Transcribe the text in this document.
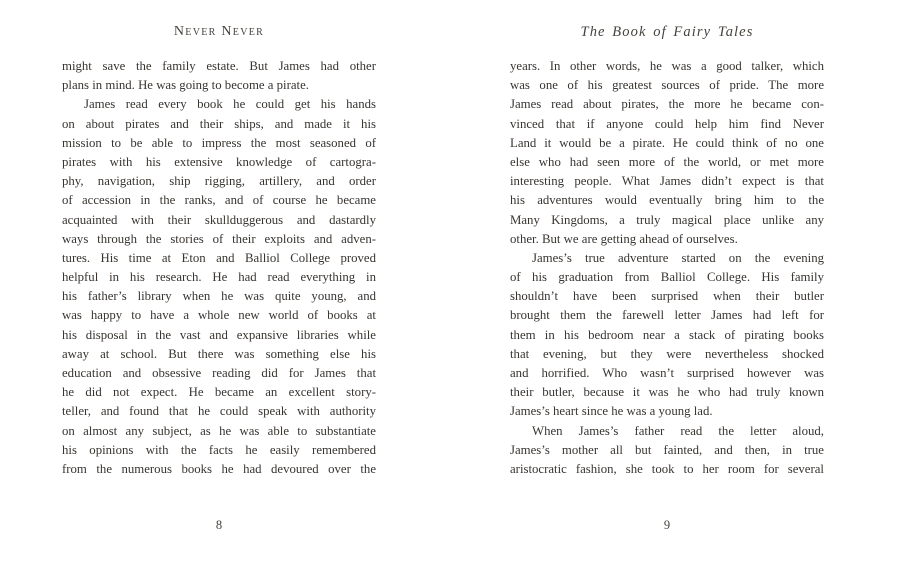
Never Never
might save the family estate. But James had other
plans in mind. He was going to become a pirate.
James read every book he could get his hands
on about pirates and their ships, and made it his
mission to be able to impress the most seasoned of
pirates with his extensive knowledge of cartogra-
phy, navigation, ship rigging, artillery, and order
of accession in the ranks, and of course he became
acquainted with their skullduggerous and dastardly
ways through the stories of their exploits and adven-
tures. His time at Eton and Balliol College proved
helpful in his research. He had read everything in
his father’s library when he was quite young, and
was happy to have a whole new world of books at
his disposal in the vast and expansive libraries while
away at school. But there was something else his
education and obsessive reading did for James that
he did not expect. He became an excellent story-
teller, and found that he could speak with authority
on almost any subject, as he was able to substantiate
his opinions with the facts he easily remembered
from the numerous books he had devoured over the
8
The Book of Fairy Tales
years. In other words, he was a good talker, which
was one of his greatest sources of pride. The more
James read about pirates, the more he became con-
vinced that if anyone could help him find Never
Land it would be a pirate. He could think of no one
else who had seen more of the world, or met more
interesting people. What James didn’t expect is that
his adventures would eventually bring him to the
Many Kingdoms, a truly magical place unlike any
other. But we are getting ahead of ourselves.
James’s true adventure started on the evening
of his graduation from Balliol College. His family
shouldn’t have been surprised when their butler
brought them the farewell letter James had left for
them in his bedroom near a stack of pirating books
that evening, but they were nevertheless shocked
and horrified. Who wasn’t surprised however was
their butler, because it was he who had truly known
James’s heart since he was a young lad.
When James’s father read the letter aloud,
James’s mother all but fainted, and then, in true
aristocratic fashion, she took to her room for several
9
